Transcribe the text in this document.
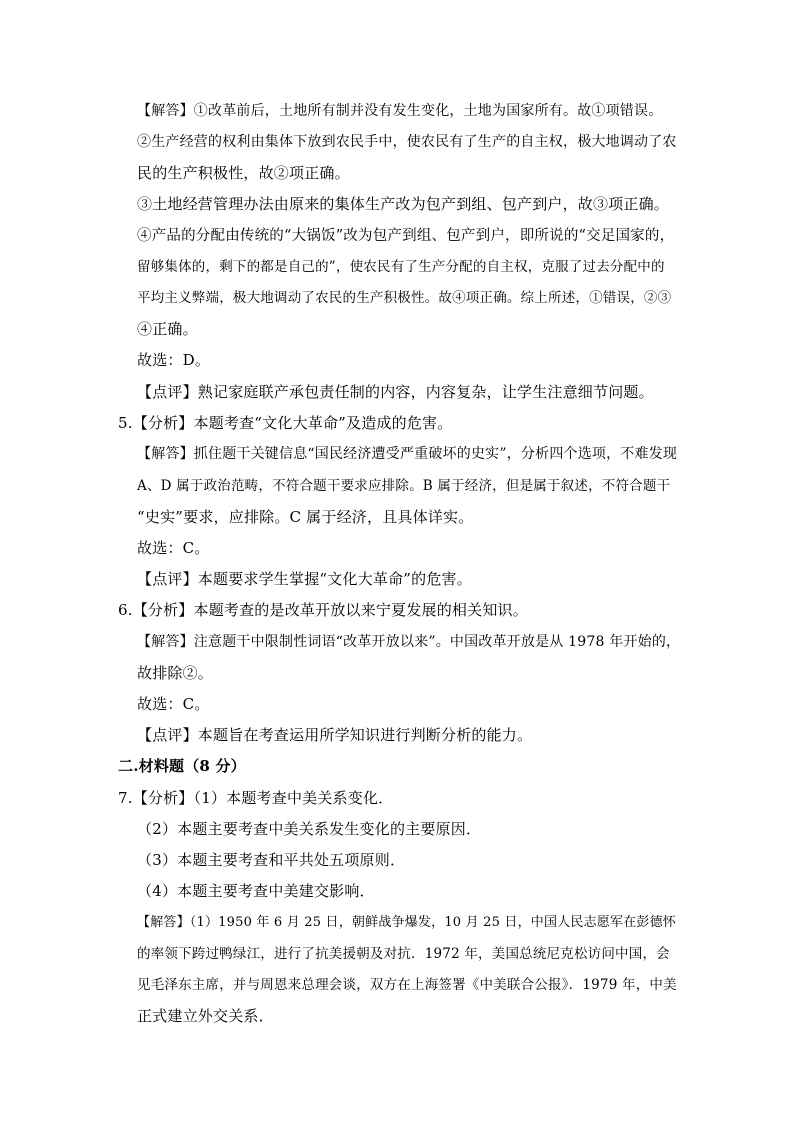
【解答】①改革前后，土地所有制并没有发生变化，土地为国家所有。故①项错误。
②生产经营的权利由集体下放到农民手中，使农民有了生产的自主权，极大地调动了农
民的生产积极性，故②项正确。
③土地经营管理办法由原来的集体生产改为包产到组、包产到户，故③项正确。
④产品的分配由传统的“大锅饭”改为包产到组、包产到户，即所说的“交足国家的，
留够集体的，剩下的都是自己的”，使农民有了生产分配的自主权，克服了过去分配中的
平均主义弊端，极大地调动了农民的生产积极性。故④项正确。综上所述，①错误，②③
④正确。
故选：D。
【点评】熟记家庭联产承包责任制的内容，内容复杂，让学生注意细节问题。
5.【分析】本题考查“文化大革命”及造成的危害。
【解答】抓住题干关键信息“国民经济遭受严重破坏的史实”，分析四个选项，不难发现
A、D 属于政治范畴，不符合题干要求应排除。B 属于经济，但是属于叙述，不符合题干
“史实”要求，应排除。C 属于经济，且具体详实。
故选：C。
【点评】本题要求学生掌握“文化大革命”的危害。
6.【分析】本题考查的是改革开放以来宁夏发展的相关知识。
【解答】注意题干中限制性词语“改革开放以来”。中国改革开放是从 1978 年开始的，
故排除②。
故选：C。
【点评】本题旨在考查运用所学知识进行判断分析的能力。
二.材料题（8 分）
7.【分析】（1）本题考查中美关系变化．
（2）本题主要考查中美关系发生变化的主要原因．
（3）本题主要考查和平共处五项原则．
（4）本题主要考查中美建交影响．
【解答】（1）1950 年 6 月 25 日，朝鲜战争爆发，10 月 25 日，中国人民志愿军在彭德怀
的率领下跨过鸭绿江，进行了抗美援朝及对抗．1972 年，美国总统尼克松访问中国，会
见毛泽东主席，并与周恩来总理会谈，双方在上海签署《中美联合公报》．1979 年，中美
正式建立外交关系．
